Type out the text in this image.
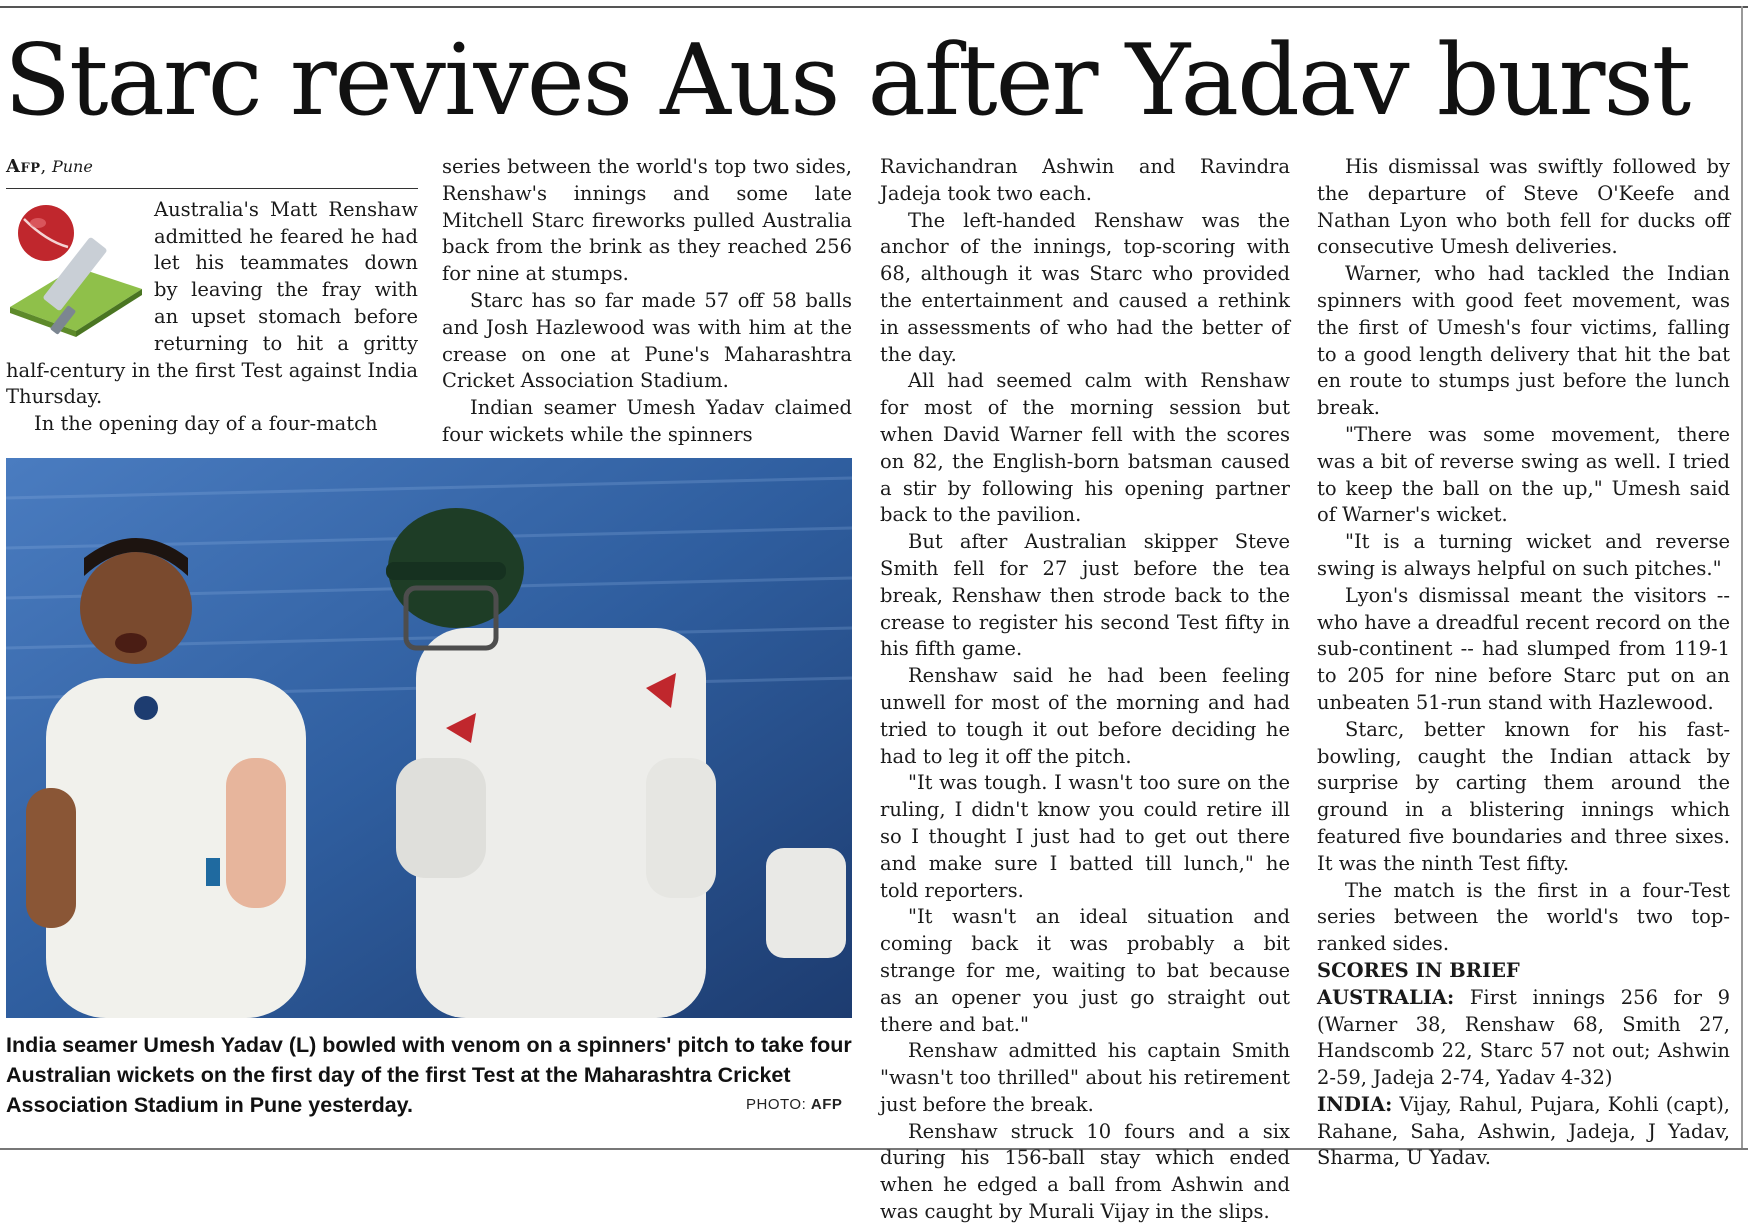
Starc revives Aus after Yadav burst
Afp, Pune

Australia's Matt Renshaw admitted he feared he had let his teammates down by leaving the fray with an upset stomach before returning to hit a gritty half-century in the first Test against India Thursday.

In the opening day of a four-match

series between the world's top two sides, Renshaw's innings and some late Mitchell Starc fireworks pulled Australia back from the brink as they reached 256 for nine at stumps.

Starc has so far made 57 off 58 balls and Josh Hazlewood was with him at the crease on one at Pune's Maharashtra Cricket Association Stadium.

Indian seamer Umesh Yadav claimed four wickets while the spinners

India seamer Umesh Yadav (L) bowled with venom on a spinners' pitch to take four Australian wickets on the first day of the first Test at the Maharashtra Cricket Association Stadium in Pune yesterday.	PHOTO: AFP

Ravichandran Ashwin and Ravindra Jadeja took two each.

The left-handed Renshaw was the anchor of the innings, top-scoring with 68, although it was Starc who provided the entertainment and caused a rethink in assessments of who had the better of the day.

All had seemed calm with Renshaw for most of the morning session but when David Warner fell with the scores on 82, the English-born batsman caused a stir by following his opening partner back to the pavilion.

But after Australian skipper Steve Smith fell for 27 just before the tea break, Renshaw then strode back to the crease to register his second Test fifty in his fifth game.

Renshaw said he had been feeling unwell for most of the morning and had tried to tough it out before deciding he had to leg it off the pitch.

"It was tough. I wasn't too sure on the ruling, I didn't know you could retire ill so I thought I just had to get out there and make sure I batted till lunch," he told reporters.

"It wasn't an ideal situation and coming back it was probably a bit strange for me, waiting to bat because as an opener you just go straight out there and bat."

Renshaw admitted his captain Smith "wasn't too thrilled" about his retirement just before the break.

Renshaw struck 10 fours and a six during his 156-ball stay which ended when he edged a ball from Ashwin and was caught by Murali Vijay in the slips.

His dismissal was swiftly followed by the departure of Steve O'Keefe and Nathan Lyon who both fell for ducks off consecutive Umesh deliveries.

Warner, who had tackled the Indian spinners with good feet movement, was the first of Umesh's four victims, falling to a good length delivery that hit the bat en route to stumps just before the lunch break.

"There was some movement, there was a bit of reverse swing as well. I tried to keep the ball on the up," Umesh said of Warner's wicket.

"It is a turning wicket and reverse swing is always helpful on such pitches."

Lyon's dismissal meant the visitors -- who have a dreadful recent record on the sub-continent -- had slumped from 119-1 to 205 for nine before Starc put on an unbeaten 51-run stand with Hazlewood.

Starc, better known for his fast-bowling, caught the Indian attack by surprise by carting them around the ground in a blistering innings which featured five boundaries and three sixes. It was the ninth Test fifty.

The match is the first in a four-Test series between the world's two top-ranked sides.

SCORES IN BRIEF

AUSTRALIA: First innings 256 for 9 (Warner 38, Renshaw 68, Smith 27, Handscomb 22, Starc 57 not out; Ashwin 2-59, Jadeja 2-74, Yadav 4-32)

INDIA: Vijay, Rahul, Pujara, Kohli (capt), Rahane, Saha, Ashwin, Jadeja, J Yadav, Sharma, U Yadav.
